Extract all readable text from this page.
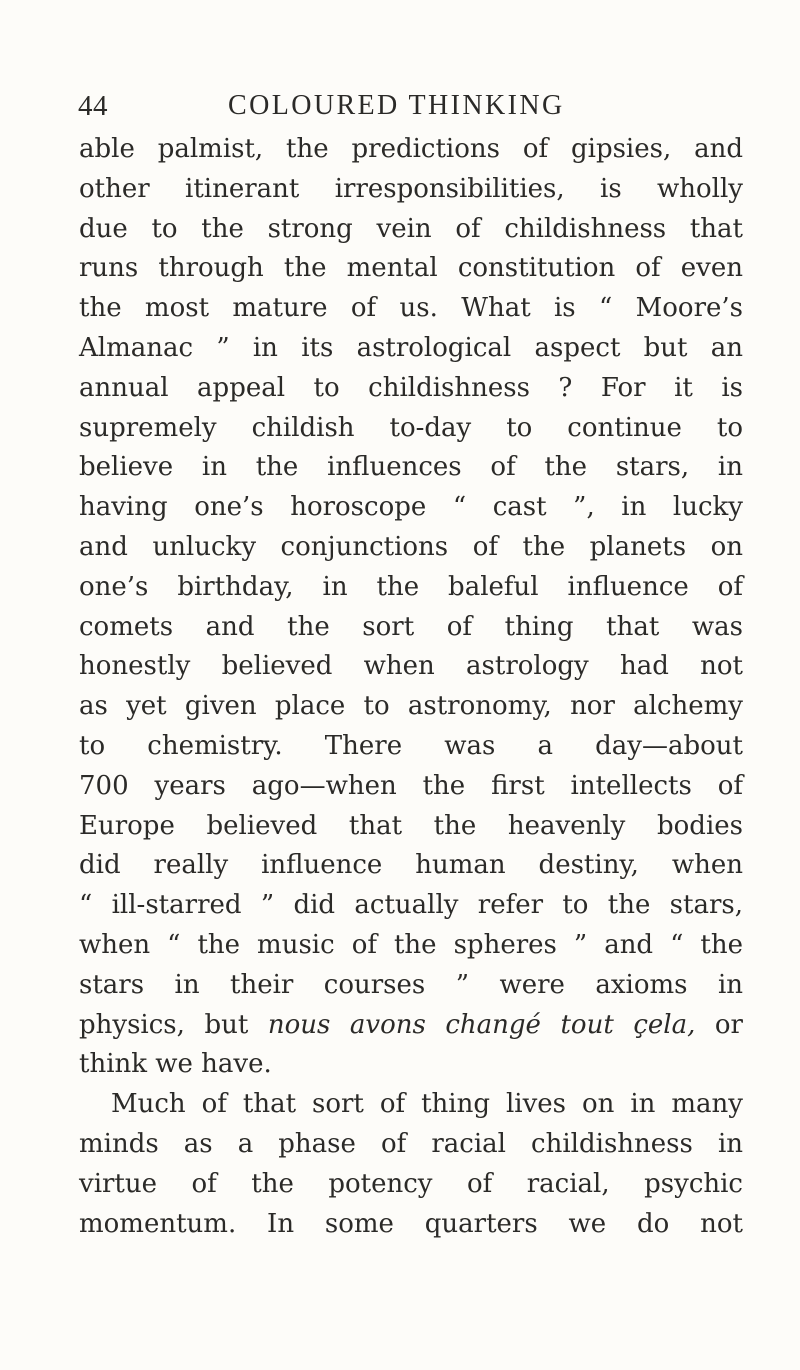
44	COLOURED THINKING
able palmist, the predictions of gipsies, and
other itinerant irresponsibilities, is wholly
due to the strong vein of childishness that
runs through the mental constitution of even
the most mature of us. What is “ Moore’s
Almanac ” in its astrological aspect but an
annual appeal to childishness ? For it is
supremely childish to-day to continue to
believe in the influences of the stars, in
having one’s horoscope “ cast ”, in lucky
and unlucky conjunctions of the planets on
one’s birthday, in the baleful influence of
comets and the sort of thing that was
honestly believed when astrology had not
as yet given place to astronomy, nor alchemy
to chemistry. There was a day—about
700 years ago—when the first intellects of
Europe believed that the heavenly bodies
did really influence human destiny, when
“ ill-starred ” did actually refer to the stars,
when “ the music of the spheres ” and “ the
stars in their courses ” were axioms in
physics, but nous avons changé tout çela, or
think we have.
Much of that sort of thing lives on in many
minds as a phase of racial childishness in
virtue of the potency of racial, psychic
momentum. In some quarters we do not
